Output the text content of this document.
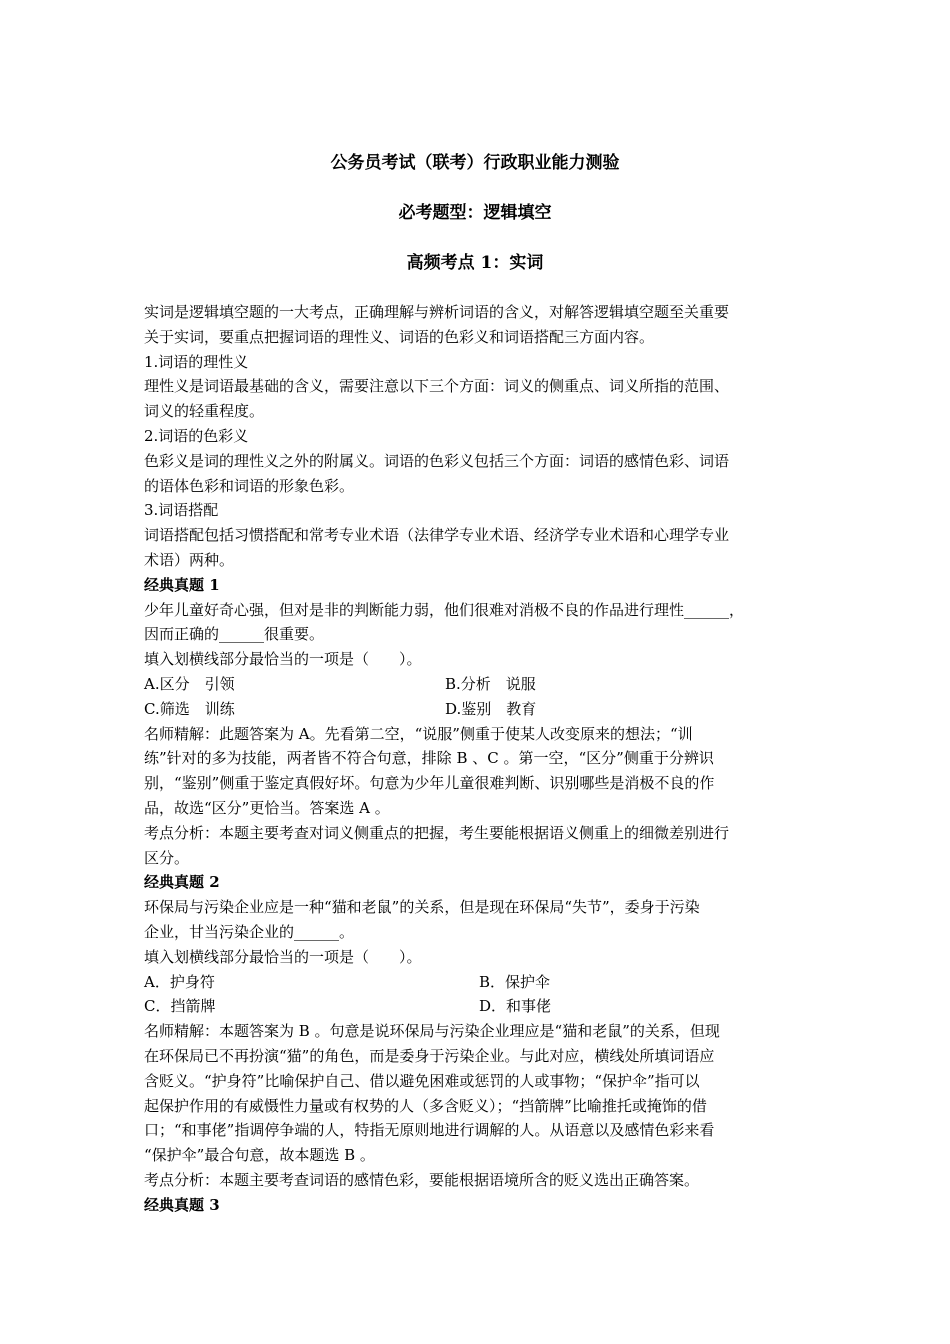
公务员考试（联考）行政职业能力测验
必考题型：逻辑填空
高频考点 1：实词
实词是逻辑填空题的一大考点，正确理解与辨析词语的含义，对解答逻辑填空题至关重要
关于实词，要重点把握词语的理性义、词语的色彩义和词语搭配三方面内容。
1.词语的理性义
理性义是词语最基础的含义，需要注意以下三个方面：词义的侧重点、词义所指的范围、
词义的轻重程度。
2.词语的色彩义
色彩义是词的理性义之外的附属义。词语的色彩义包括三个方面：词语的感情色彩、词语
的语体色彩和词语的形象色彩。
3.词语搭配
词语搭配包括习惯搭配和常考专业术语（法律学专业术语、经济学专业术语和心理学专业
术语）两种。
经典真题 1
少年儿童好奇心强，但对是非的判断能力弱，他们很难对消极不良的作品进行理性______，
因而正确的______很重要。
填入划横线部分最恰当的一项是（　　）。
A.区分　引领	B.分析　说服
C.筛选　训练	D.鉴别　教育
名师精解：此题答案为 A。先看第二空，“说服”侧重于使某人改变原来的想法；“训
练”针对的多为技能，两者皆不符合句意，排除 B 、C 。第一空，“区分”侧重于分辨识
别，“鉴别”侧重于鉴定真假好坏。句意为少年儿童很难判断、识别哪些是消极不良的作
品，故选“区分”更恰当。答案选 A 。
考点分析：本题主要考查对词义侧重点的把握，考生要能根据语义侧重上的细微差别进行
区分。
经典真题 2
环保局与污染企业应是一种“猫和老鼠”的关系，但是现在环保局“失节”，委身于污染
企业，甘当污染企业的______。
填入划横线部分最恰当的一项是（　　）。
A．护身符	B．保护伞
C．挡箭牌	D．和事佬
名师精解：本题答案为 B 。句意是说环保局与污染企业理应是“猫和老鼠”的关系，但现
在环保局已不再扮演“猫”的角色，而是委身于污染企业。与此对应，横线处所填词语应
含贬义。“护身符”比喻保护自己、借以避免困难或惩罚的人或事物；“保护伞”指可以
起保护作用的有威慑性力量或有权势的人（多含贬义）；“挡箭牌”比喻推托或掩饰的借
口；“和事佬”指调停争端的人，特指无原则地进行调解的人。从语意以及感情色彩来看
“保护伞”最合句意，故本题选 B 。
考点分析：本题主要考查词语的感情色彩，要能根据语境所含的贬义选出正确答案。
经典真题 3
